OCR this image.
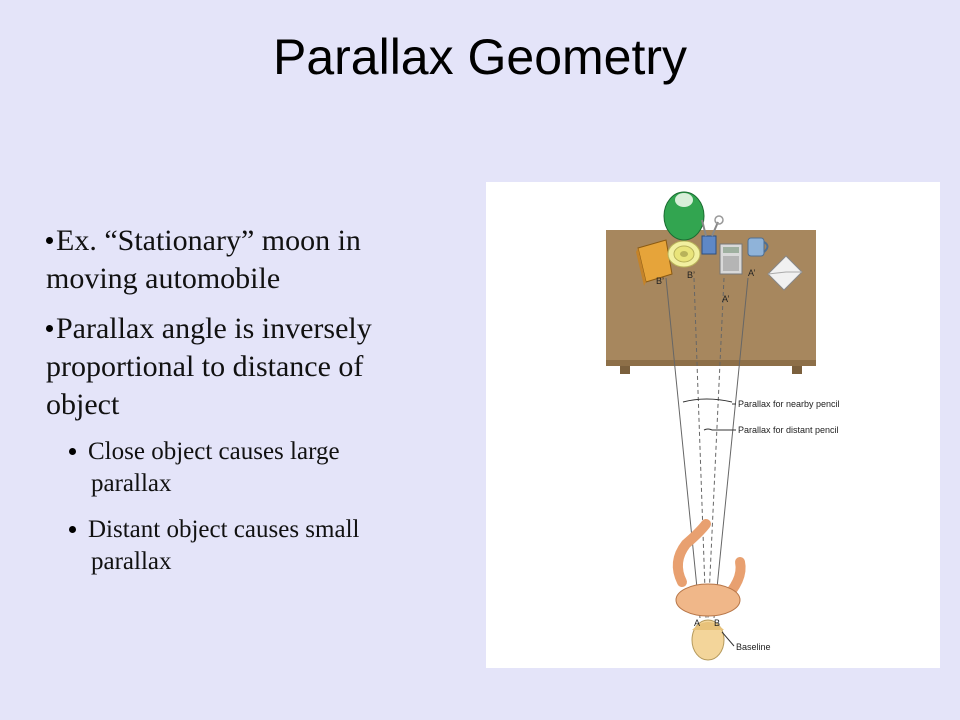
Parallax Geometry
Ex. “Stationary” moon in moving automobile
Parallax angle is inversely proportional to distance of object
Close object causes large parallax
Distant object causes small parallax
B’
B’
A’
A’
Parallax for nearby pencil
Parallax for distant pencil
A B
Baseline
